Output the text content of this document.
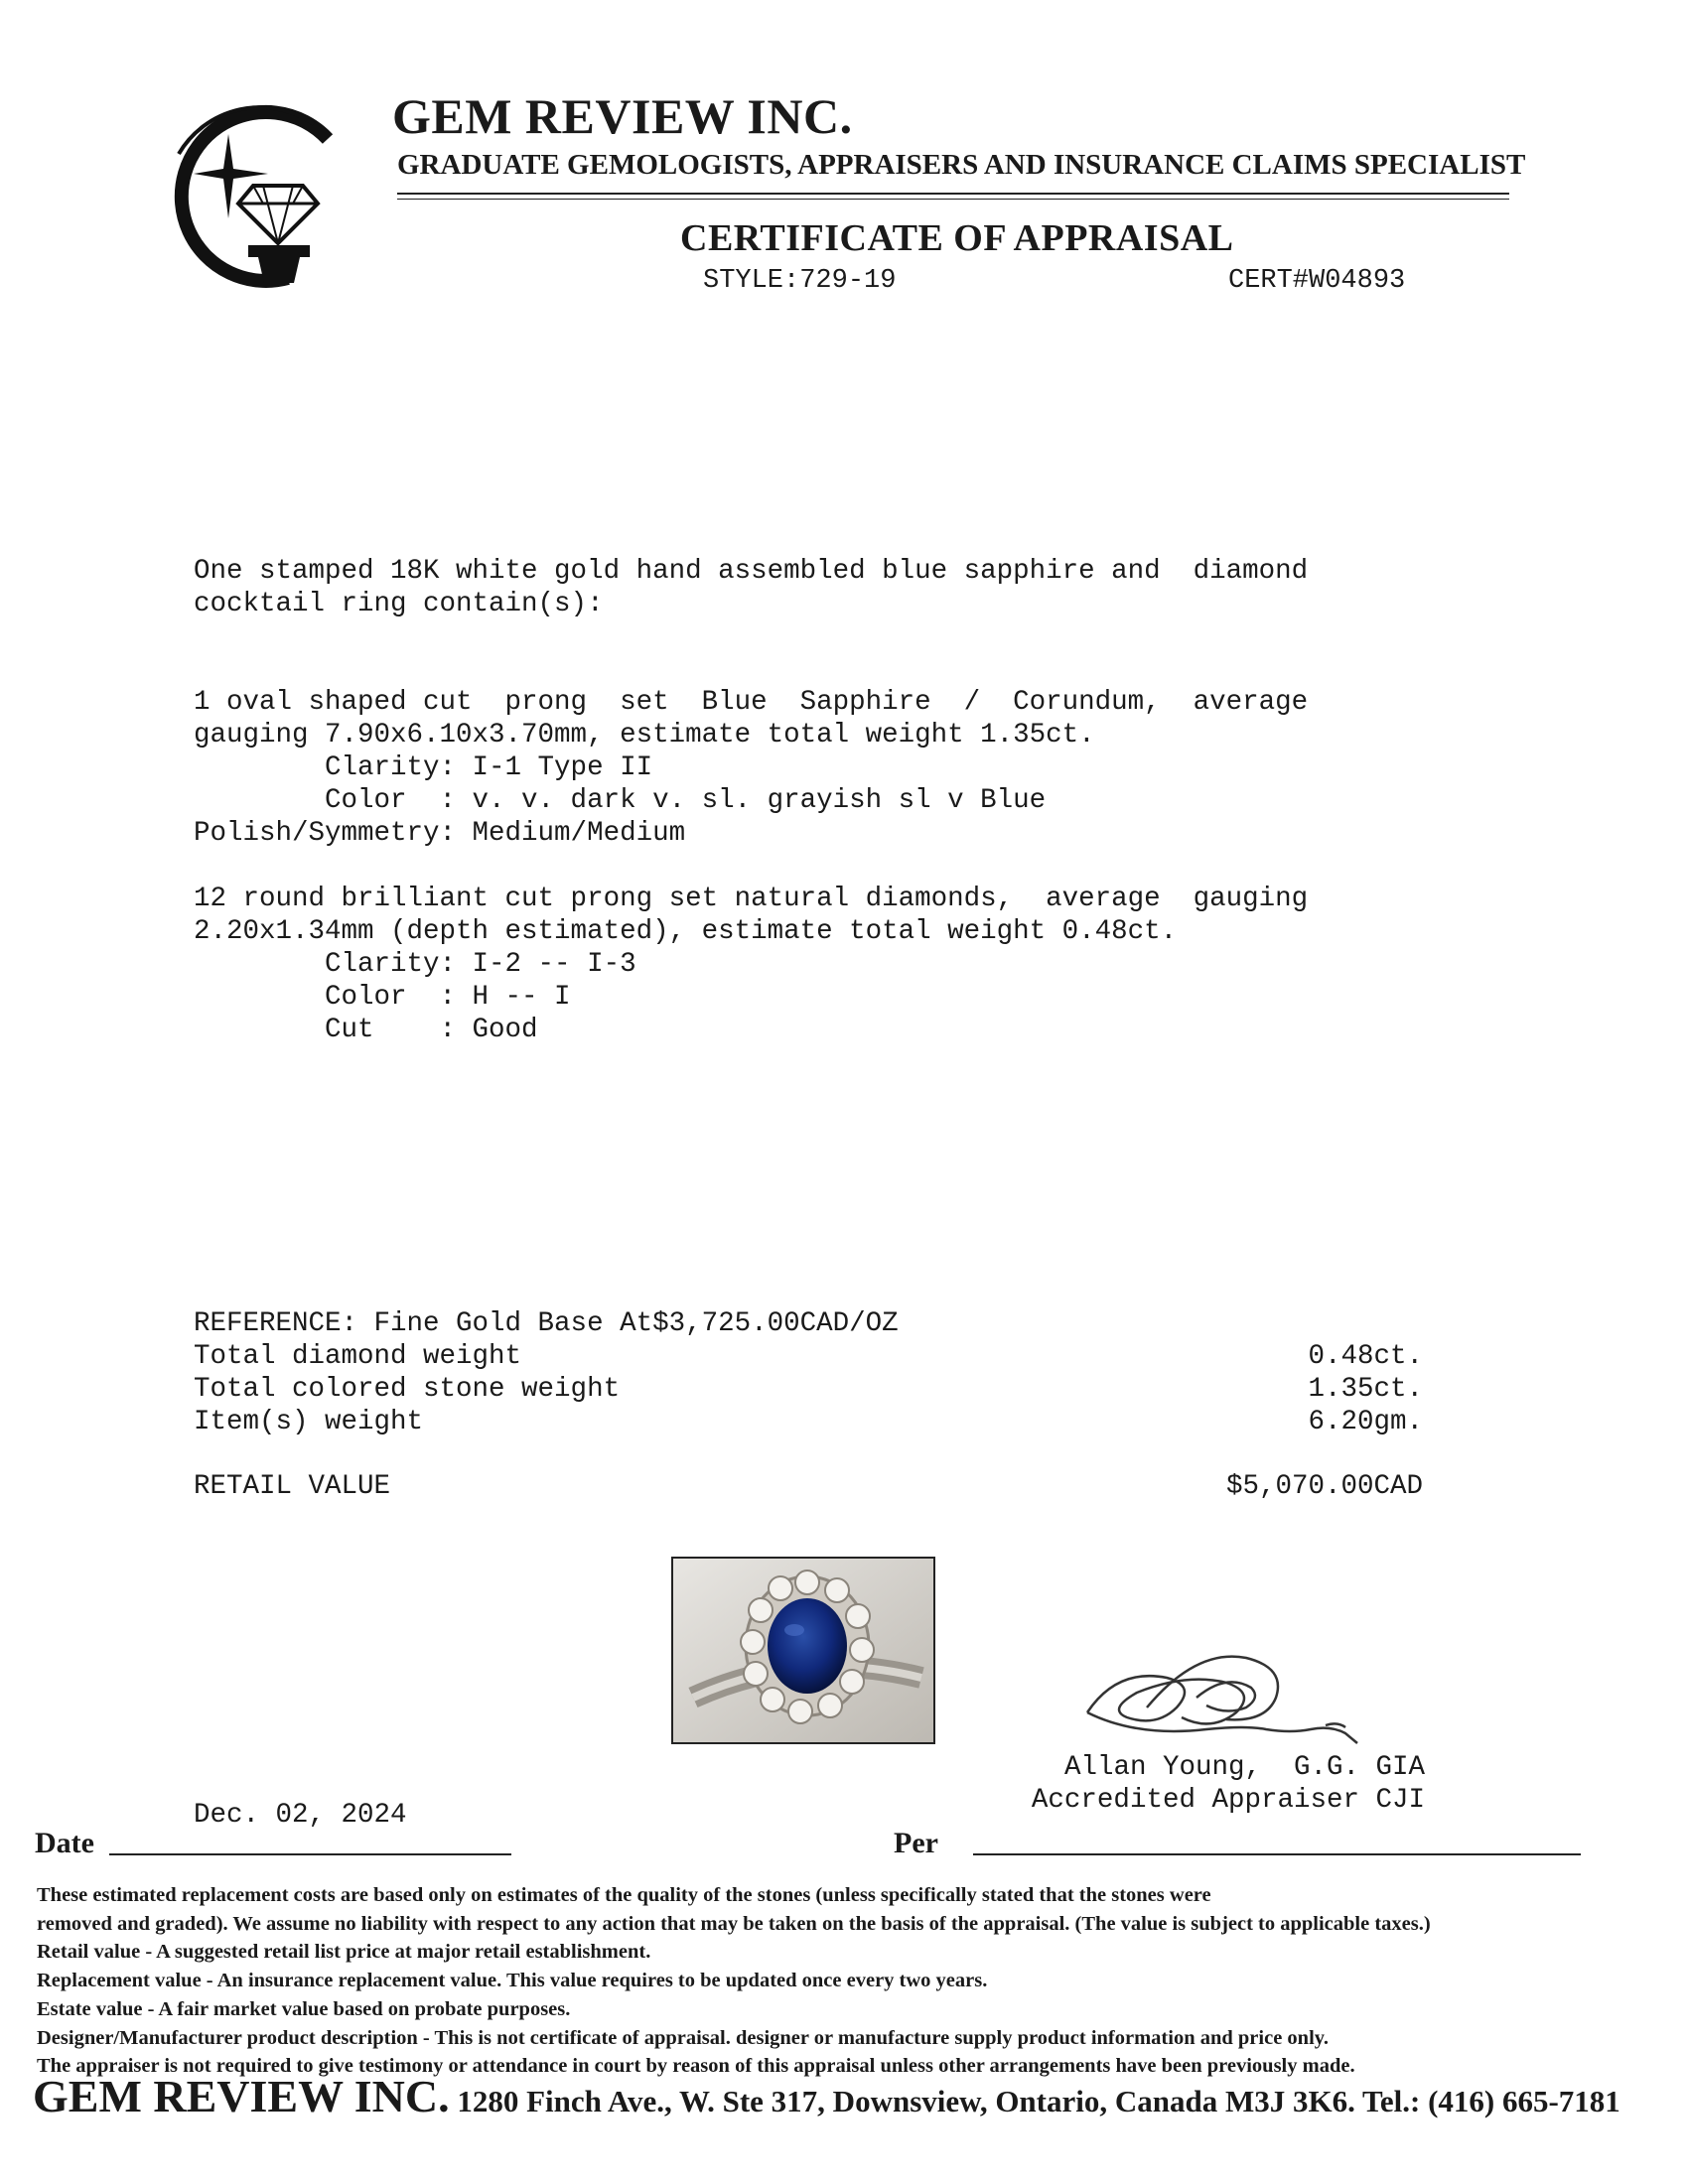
GEM REVIEW INC.
GRADUATE GEMOLOGISTS, APPRAISERS AND INSURANCE CLAIMS SPECIALIST
CERTIFICATE OF APPRAISAL
STYLE:729-19	CERT#W04893
One stamped 18K white gold hand assembled blue sapphire and  diamond
cocktail ring contain(s):
1 oval shaped cut  prong  set  Blue  Sapphire  /  Corundum,  average
gauging 7.90x6.10x3.70mm, estimate total weight 1.35ct.
Clarity: I-1 Type II
Color  : v. v. dark v. sl. grayish sl v Blue
Polish/Symmetry: Medium/Medium
12 round brilliant cut prong set natural diamonds,  average  gauging
2.20x1.34mm (depth estimated), estimate total weight 0.48ct.
Clarity: I-2 -- I-3
Color  : H -- I
Cut    : Good
REFERENCE: Fine Gold Base At$3,725.00CAD/OZ
Total diamond weight	0.48ct.
Total colored stone weight	1.35ct.
Item(s) weight	6.20gm.
RETAIL VALUE	$5,070.00CAD
Allan Young,  G.G. GIA
Accredited Appraiser CJI
Dec. 02, 2024
Date	Per
These estimated replacement costs are based only on estimates of the quality of the stones (unless specifically stated that the stones were
removed and graded). We assume no liability with respect to any action that may be taken on the basis of the appraisal. (The value is subject to applicable taxes.)
Retail value - A suggested retail list price at major retail establishment.
Replacement value - An insurance replacement value. This value requires to be updated once every two years.
Estate value - A fair market value based on probate purposes.
Designer/Manufacturer product description - This is not certificate of appraisal. designer or manufacture supply product information and price only.
The appraiser is not required to give testimony or attendance in court by reason of this appraisal unless other arrangements have been previously made.
GEM REVIEW INC. 1280 Finch Ave., W. Ste 317, Downsview, Ontario, Canada M3J 3K6. Tel.: (416) 665-7181
